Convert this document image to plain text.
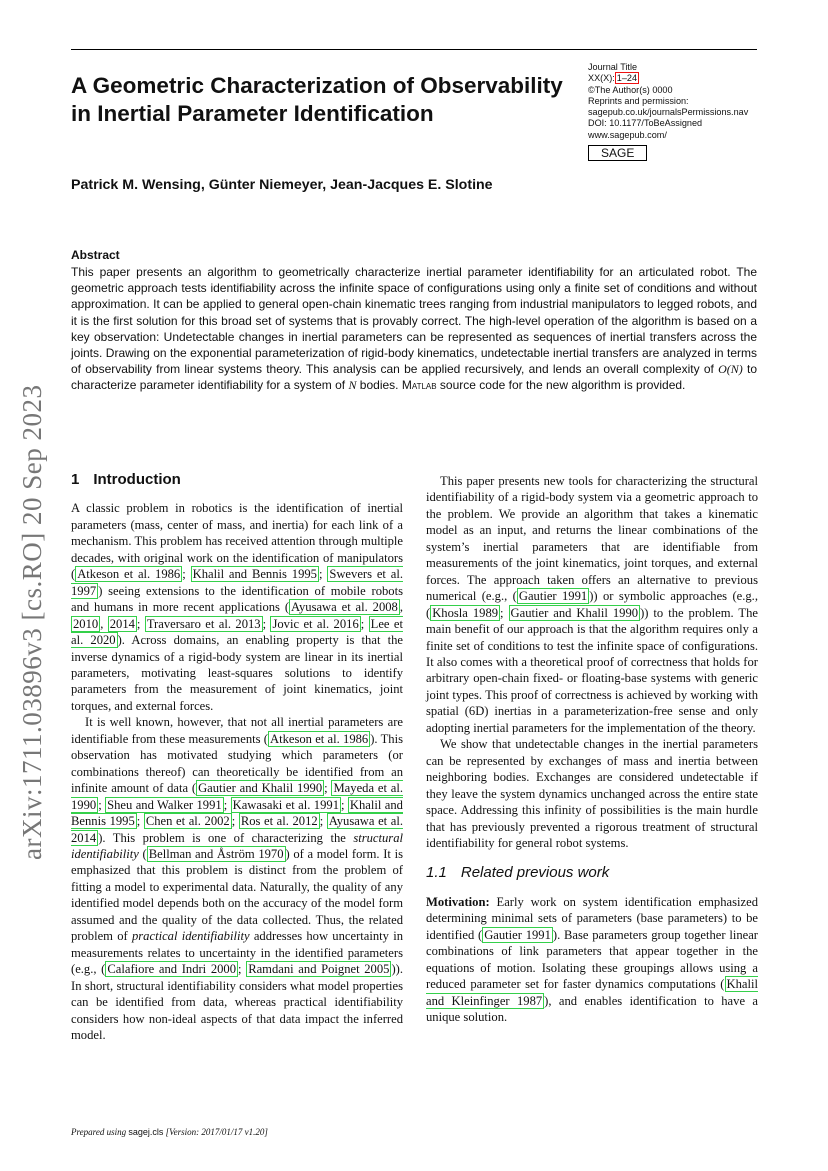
A Geometric Characterization of Observability in Inertial Parameter Identification
Patrick M. Wensing, Günter Niemeyer, Jean-Jacques E. Slotine
Journal Title
XX(X): 1–24
©The Author(s) 0000
Reprints and permission:
sagepub.co.uk/journalsPermissions.nav
DOI: 10.1177/ToBeAssigned
www.sagepub.com/
SAGE
Abstract

This paper presents an algorithm to geometrically characterize inertial parameter identifiability for an articulated robot. The geometric approach tests identifiability across the infinite space of configurations using only a finite set of conditions and without approximation. It can be applied to general open-chain kinematic trees ranging from industrial manipulators to legged robots, and it is the first solution for this broad set of systems that is provably correct. The high-level operation of the algorithm is based on a key observation: Undetectable changes in inertial parameters can be represented as sequences of inertial transfers across the joints. Drawing on the exponential parameterization of rigid-body kinematics, undetectable inertial transfers are analyzed in terms of observability from linear systems theory. This analysis can be applied recursively, and lends an overall complexity of O(N) to characterize parameter identifiability for a system of N bodies. Matlab source code for the new algorithm is provided.

arXiv:1711.03896v3 [cs.RO] 20 Sep 2023 1 Introduction

A classic problem in robotics is the identification of inertial parameters (mass, center of mass, and inertia) for each link of a mechanism. This problem has received attention through multiple decades, with original work on the identification of manipulators ( Atkeson et al. 1986 ; Khalil and Bennis 1995 ; Swevers et al. 1997 ) seeing extensions to the identification of mobile robots and humans in more recent applications ( Ayusawa et al. 2008 , 2010 , 2014 ; Traversaro et al. 2013 ; Jovic et al. 2016 ; Lee et al. 2020 ). Across domains, an enabling property is that the inverse dynamics of a rigid-body system are linear in its inertial parameters, motivating least-squares solutions to identify parameters from the measurement of joint kinematics, joint torques, and external forces.

It is well known, however, that not all inertial parameters are identifiable from these measurements ( Atkeson et al. 1986 ). This observation has motivated studying which parameters (or combinations thereof) can theoretically be identified from an infinite amount of data ( Gautier and Khalil 1990 ; Mayeda et al. 1990 ; Sheu and Walker 1991 ; Kawasaki et al. 1991 ; Khalil and Bennis 1995 ; Chen et al. 2002 ; Ros et al. 2012 ; Ayusawa et al. 2014 ). This problem is one of characterizing the structural identifiability ( Bellman and Åström 1970 ) of a model form. It is emphasized that this problem is distinct from the problem of fitting a model to experimental data. Naturally, the quality of any identified model depends both on the accuracy of the model form assumed and the quality of the data collected. Thus, the related problem of practical identifiability addresses how uncertainty in measurements relates to uncertainty in the identified parameters (e.g., ( Calafiore and Indri 2000 ; Ramdani and Poignet 2005 )). In short, structural identifiability considers what model properties can be identified from data, whereas practical identifiability considers how non-ideal aspects of that data impact the inferred model.

This paper presents new tools for characterizing the structural identifiability of a rigid-body system via a geometric approach to the problem. We provide an algorithm that takes a kinematic model as an input, and returns the linear combinations of the system’s inertial parameters that are identifiable from measurements of the joint kinematics, joint torques, and external forces. The approach taken offers an alternative to previous numerical (e.g., ( Gautier 1991 )) or symbolic approaches (e.g., ( Khosla 1989 ; Gautier and Khalil 1990 )) to the problem. The main benefit of our approach is that the algorithm requires only a finite set of conditions to test the infinite space of configurations. It also comes with a theoretical proof of correctness that holds for arbitrary open-chain fixed- or floating-base systems with generic joint types. This proof of correctness is achieved by working with spatial (6D) inertias in a parameterization-free sense and only adopting inertial parameters for the implementation of the theory.

We show that undetectable changes in the inertial parameters can be represented by exchanges of mass and inertia between neighboring bodies. Exchanges are considered undetectable if they leave the system dynamics unchanged across the entire state space. Addressing this infinity of possibilities is the main hurdle that has previously prevented a rigorous treatment of structural identifiability for general robot systems.

1.1 Related previous work

Motivation: Early work on system identification emphasized determining minimal sets of parameters (base parameters) to be identified ( Gautier 1991 ). Base parameters group together linear combinations of link parameters that appear together in the equations of motion. Isolating these groupings allows using a reduced parameter set for faster dynamics computations ( Khalil and Kleinfinger 1987 ), and enables identification to have a unique solution.

Prepared using sagej.cls [Version: 2017/01/17 v1.20]
